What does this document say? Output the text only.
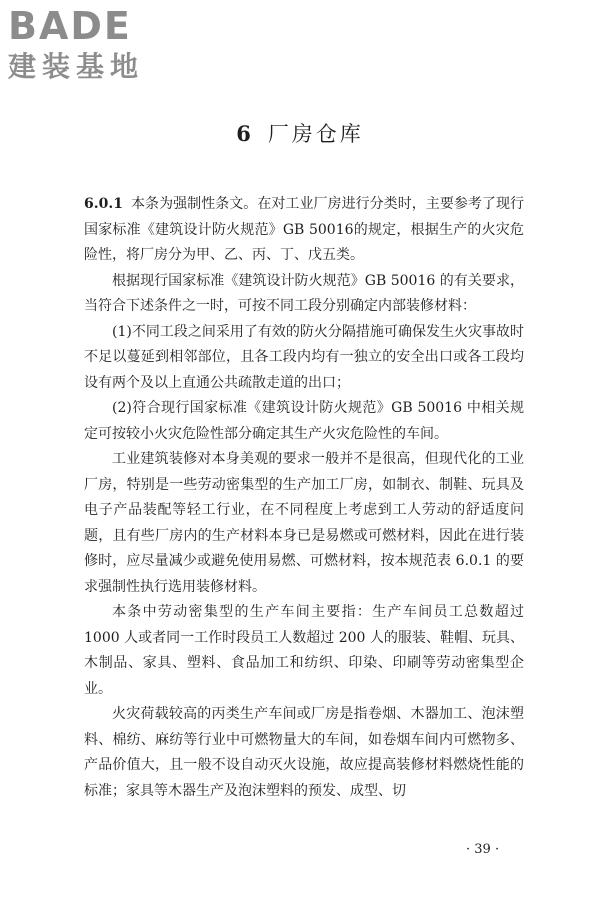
BADE
建装基地
6 厂房仓库

6.0.1 本条为强制性条文。在对工业厂房进行分类时，主要参考了现行国家标准《建筑设计防火规范》GB 50016的规定，根据生产的火灾危险性，将厂房分为甲、乙、丙、丁、戊五类。

根据现行国家标准《建筑设计防火规范》GB 50016 的有关要求，当符合下述条件之一时，可按不同工段分别确定内部装修材料：

(1)不同工段之间采用了有效的防火分隔措施可确保发生火灾事故时不足以蔓延到相邻部位，且各工段内均有一独立的安全出口或各工段均设有两个及以上直通公共疏散走道的出口；

(2)符合现行国家标准《建筑设计防火规范》GB 50016 中相关规定可按较小火灾危险性部分确定其生产火灾危险性的车间。

工业建筑装修对本身美观的要求一般并不是很高，但现代化的工业厂房，特别是一些劳动密集型的生产加工厂房，如制衣、制鞋、玩具及电子产品装配等轻工行业，在不同程度上考虑到工人劳动的舒适度问题，且有些厂房内的生产材料本身已是易燃或可燃材料，因此在进行装修时，应尽量减少或避免使用易燃、可燃材料，按本规范表 6.0.1 的要求强制性执行选用装修材料。

本条中劳动密集型的生产车间主要指：生产车间员工总数超过 1000 人或者同一工作时段员工人数超过 200 人的服装、鞋帽、玩具、木制品、家具、塑料、食品加工和纺织、印染、印刷等劳动密集型企业。

火灾荷载较高的丙类生产车间或厂房是指卷烟、木器加工、泡沫塑料、棉纺、麻纺等行业中可燃物量大的车间，如卷烟车间内可燃物多、产品价值大，且一般不设自动灭火设施，故应提高装修材料燃烧性能的标准；家具等木器生产及泡沫塑料的预发、成型、切

· 39 ·
